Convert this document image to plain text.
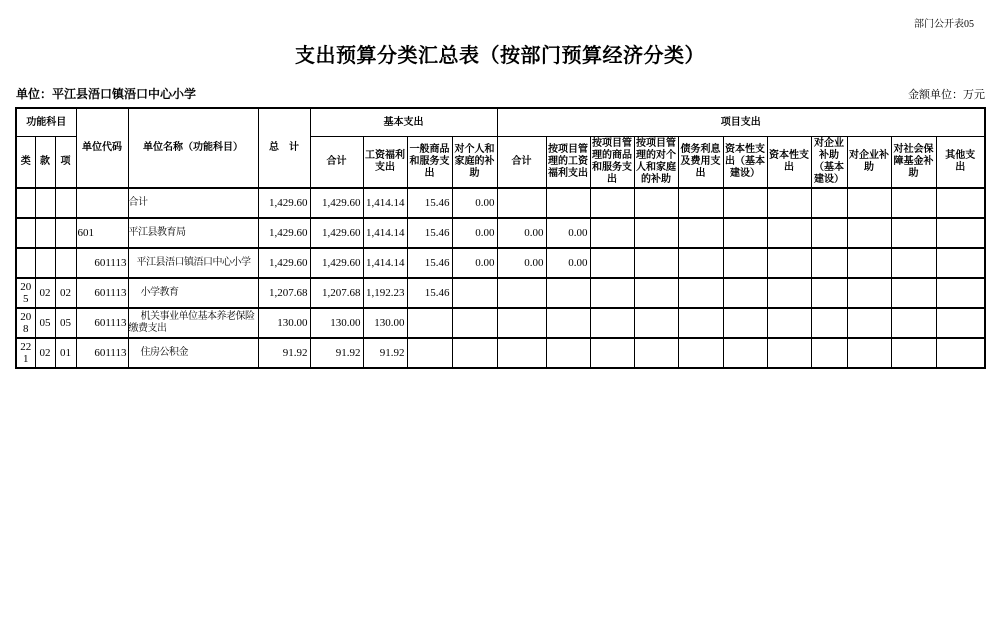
部门公开表05
支出预算分类汇总表（按部门预算经济分类）
单位：平江县浯口镇浯口中心小学	金额单位：万元
功能科目			单位代码	单位名称（功能科目）	总　计	基本支出				项目支出										
类	款	项				合计	工资福利支出	一般商品和服务支出	对个人和家庭的补助	合计	按项目管理的工资福利支出	按项目管理的商品和服务支出	按项目管理的对个人和家庭的补助	债务利息及费用支出	资本性支出（基本建设）	资本性支出	对企业补助（基本建设）	对企业补助	对社会保障基金补助	其他支出
				合计	1,429.60	1,429.60	1,414.14	15.46	0.00											
			601	平江县教育局	1,429.60	1,429.60	1,414.14	15.46	0.00	0.00	0.00									
			601113	平江县浯口镇浯口中心小学	1,429.60	1,429.60	1,414.14	15.46	0.00	0.00	0.00									
205	02	02	601113	小学教育	1,207.68	1,207.68	1,192.23	15.46												
208	05	05	601113	机关事业单位基本养老保险缴费支出	130.00	130.00	130.00													
221	02	01	601113	住房公积金	91.92	91.92	91.92													
